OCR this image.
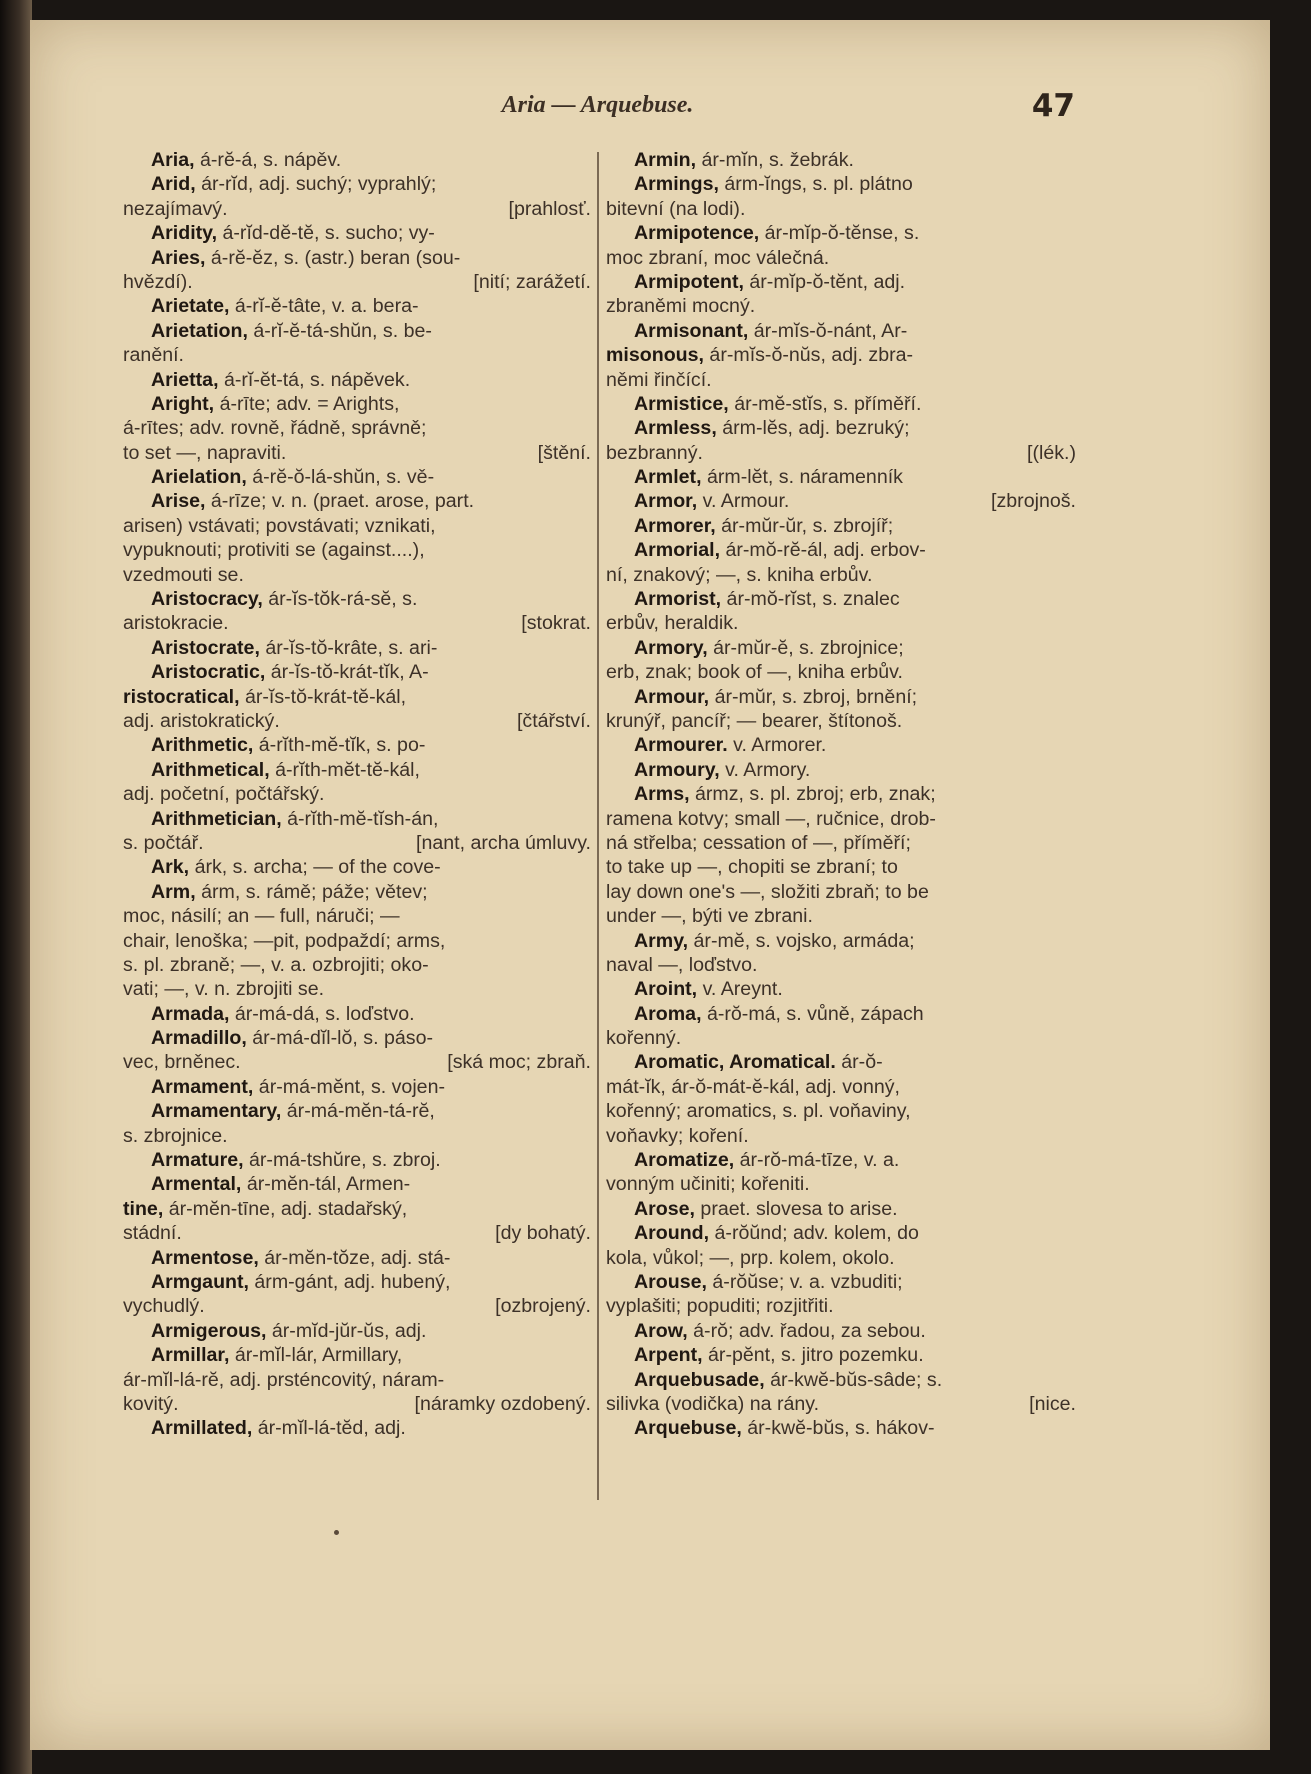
Aria — Arquebuse.	47
Aria, á-rĕ-á, s. nápěv.
Arid, ár-rĭd, adj. suchý; vyprahlý;
nezajímavý.	[prahlosť.
Aridity, á-rĭd-dĕ-tĕ, s. sucho; vy-
Aries, á-rĕ-ĕz, s. (astr.) beran (sou-
hvězdí).	[nití; zarážetí.
Arietate, á-rĭ-ĕ-tâte, v. a. bera-
Arietation, á-rĭ-ĕ-tá-shŭn, s. be-
ranění.
Arietta, á-rĭ-ĕt-tá, s. nápěvek.
Aright, á-rīte; adv. = Arights,
á-rītes; adv. rovně, řádně, správně;
to set —, napraviti.	[štění.
Arielation, á-rĕ-ŏ-lá-shŭn, s. vě-
Arise, á-rīze; v. n. (praet. arose, part.
arisen) vstávati; povstávati; vznikati,
vypuknouti; protiviti se (against....),
vzedmouti se.
Aristocracy, ár-ĭs-tŏk-rá-sĕ, s.
aristokracie.	[stokrat.
Aristocrate, ár-ĭs-tŏ-krâte, s. ari-
Aristocratic, ár-ĭs-tŏ-krát-tĭk, A-
ristocratical, ár-ĭs-tŏ-krát-tĕ-kál,
adj. aristokratický.	[čtářství.
Arithmetic, á-rĭth-mĕ-tĭk, s. po-
Arithmetical, á-rĭth-mĕt-tĕ-kál,
adj. početní, počtářský.
Arithmetician, á-rĭth-mĕ-tĭsh-án,
s. počtář.	[nant, archa úmluvy.
Ark, árk, s. archa; — of the cove-
Arm, árm, s. rámě; páže; větev;
moc, násilí; an — full, náruči; —
chair, lenoška; —pit, podpaždí; arms,
s. pl. zbraně; —, v. a. ozbrojiti; oko-
vati; —, v. n. zbrojiti se.
Armada, ár-má-dá, s. loďstvo.
Armadillo, ár-má-dĭl-lŏ, s. páso-
vec, brněnec.	[ská moc; zbraň.
Armament, ár-má-mĕnt, s. vojen-
Armamentary, ár-má-mĕn-tá-rĕ,
s. zbrojnice.
Armature, ár-má-tshŭre, s. zbroj.
Armental, ár-mĕn-tál, Armen-
tine, ár-mĕn-tīne, adj. stadařský,
stádní.	[dy bohatý.
Armentose, ár-mĕn-tŏze, adj. stá-
Armgaunt, árm-gánt, adj. hubený,
vychudlý.	[ozbrojený.
Armigerous, ár-mĭd-jŭr-ŭs, adj.
Armillar, ár-mĭl-lár, Armillary,
ár-mĭl-lá-rĕ, adj. prsténcovitý, náram-
kovitý.	[náramky ozdobený.
Armillated, ár-mĭl-lá-tĕd, adj.
Armin, ár-mĭn, s. žebrák.
Armings, árm-ĭngs, s. pl. plátno
bitevní (na lodi).
Armipotence, ár-mĭp-ŏ-tĕnse, s.
moc zbraní, moc válečná.
Armipotent, ár-mĭp-ŏ-tĕnt, adj.
zbraněmi mocný.
Armisonant, ár-mĭs-ŏ-nánt, Ar-
misonous, ár-mĭs-ŏ-nŭs, adj. zbra-
němi řinčící.
Armistice, ár-mĕ-stĭs, s. příměří.
Armless, árm-lĕs, adj. bezruký;
bezbranný.	[(lék.)
Armlet, árm-lĕt, s. náramenník
Armor, v. Armour.	[zbrojnoš.
Armorer, ár-mŭr-ŭr, s. zbrojíř;
Armorial, ár-mŏ-rĕ-ál, adj. erbov-
ní, znakový; —, s. kniha erbův.
Armorist, ár-mŏ-rĭst, s. znalec
erbův, heraldik.
Armory, ár-mŭr-ĕ, s. zbrojnice;
erb, znak; book of —, kniha erbův.
Armour, ár-mŭr, s. zbroj, brnění;
krunýř, pancíř; — bearer, štítonoš.
Armourer. v. Armorer.
Armoury, v. Armory.
Arms, ármz, s. pl. zbroj; erb, znak;
ramena kotvy; small —, ručnice, drob-
ná střelba; cessation of —, příměří;
to take up —, chopiti se zbraní; to
lay down one's —, složiti zbraň; to be
under —, býti ve zbrani.
Army, ár-mĕ, s. vojsko, armáda;
naval —, loďstvo.
Aroint, v. Areynt.
Aroma, á-rŏ-má, s. vůně, zápach
kořenný.
Aromatic, Aromatical. ár-ŏ-
mát-ĭk, ár-ŏ-mát-ĕ-kál, adj. vonný,
kořenný; aromatics, s. pl. voňaviny,
voňavky; koření.
Aromatize, ár-rŏ-má-tīze, v. a.
vonným učiniti; kořeniti.
Arose, praet. slovesa to arise.
Around, á-rŏŭnd; adv. kolem, do
kola, vůkol; —, prp. kolem, okolo.
Arouse, á-rŏŭse; v. a. vzbuditi;
vyplašiti; popuditi; rozjitřiti.
Arow, á-rŏ; adv. řadou, za sebou.
Arpent, ár-pĕnt, s. jitro pozemku.
Arquebusade, ár-kwĕ-bŭs-sâde; s.
silivka (vodička) na rány.	[nice.
Arquebuse, ár-kwĕ-bŭs, s. hákov-
